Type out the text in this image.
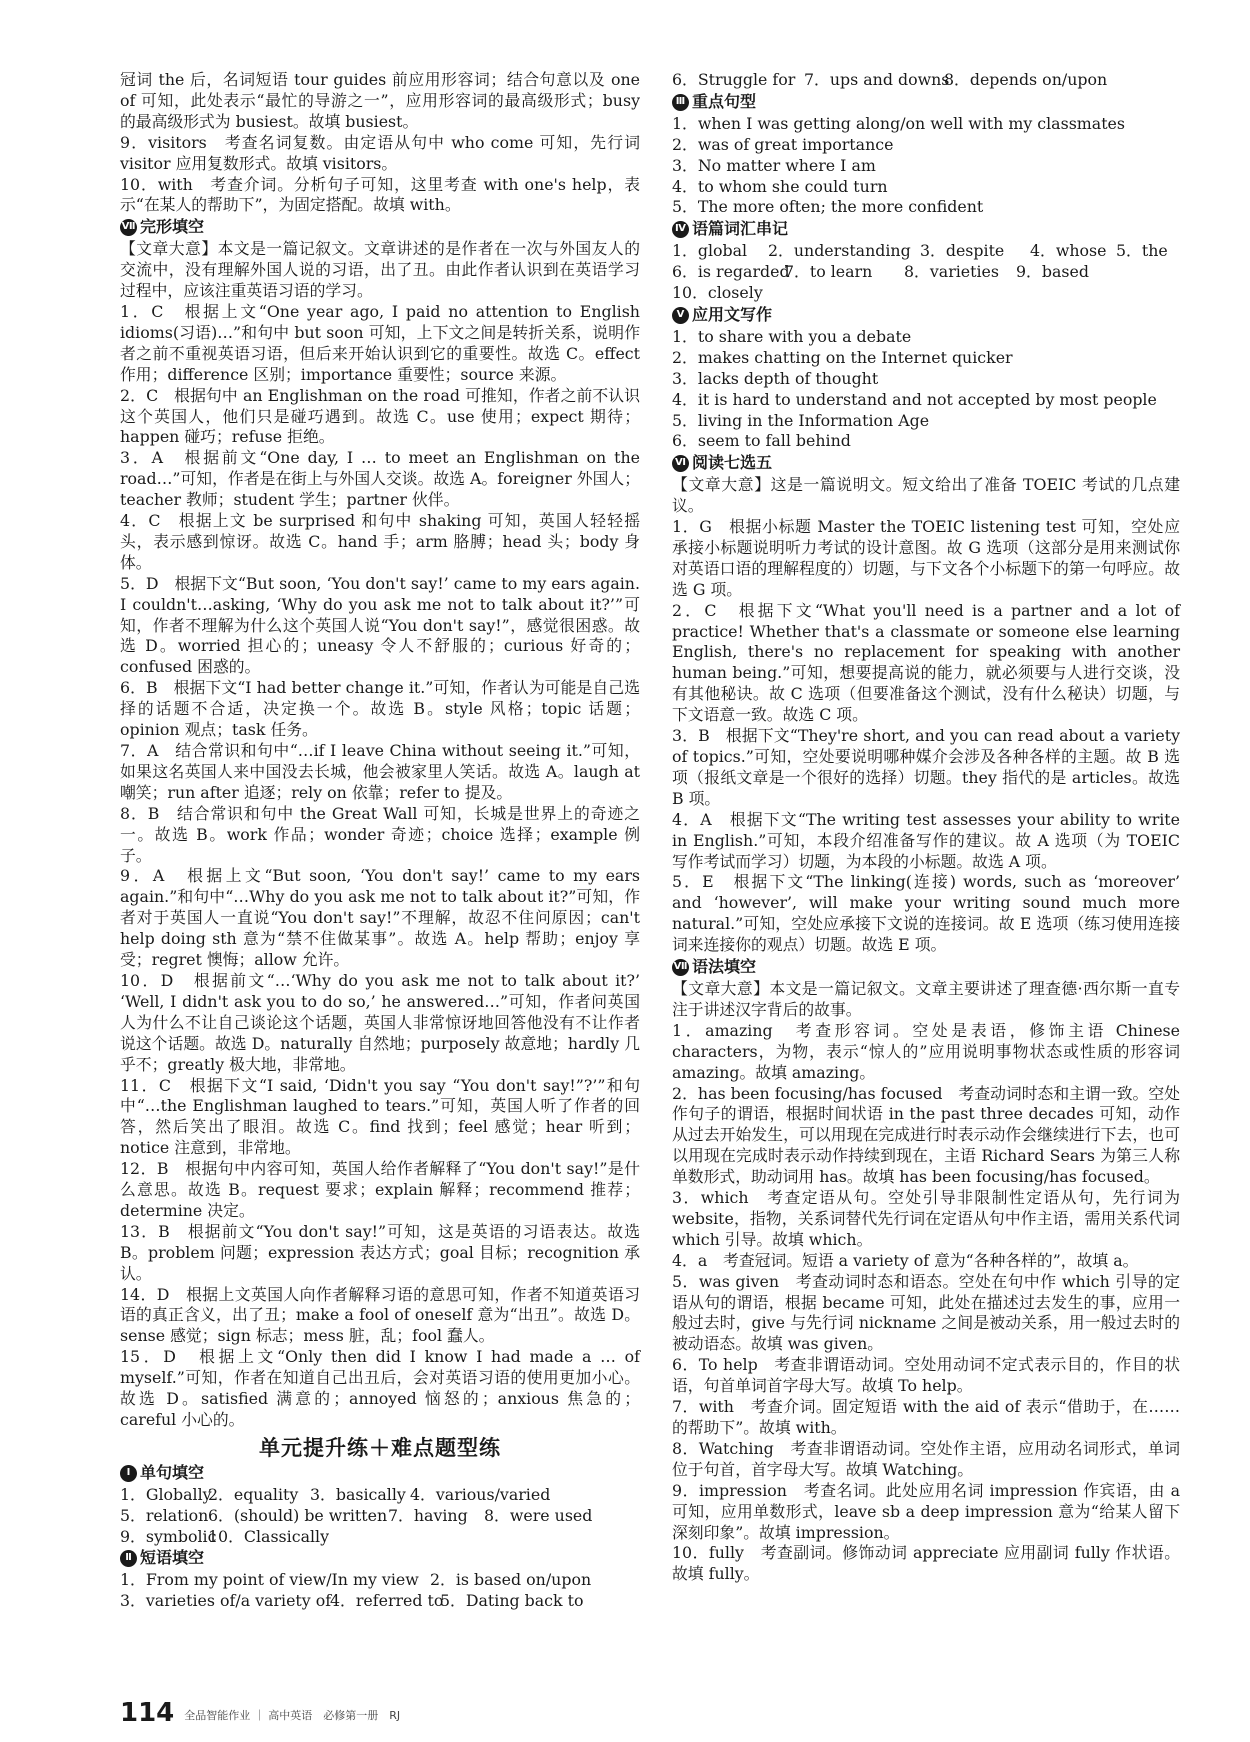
冠词 the 后，名词短语 tour guides 前应用形容词；结合句意以及 one of 可知，此处表示“最忙的导游之一”，应用形容词的最高级形式；busy 的最高级形式为 busiest。故填 busiest。

9．visitors　考查名词复数。由定语从句中 who come 可知，先行词 visitor 应用复数形式。故填 visitors。

10．with　考查介词。分析句子可知，这里考查 with one's help，表示“在某人的帮助下”，为固定搭配。故填 with。

Ⅶ 完形填空

【文章大意】本文是一篇记叙文。文章讲述的是作者在一次与外国友人的交流中，没有理解外国人说的习语，出了丑。由此作者认识到在英语学习过程中，应该注重英语习语的学习。

1．C　根据上文“One year ago, I paid no attention to English idioms(习语)…”和句中 but soon 可知，上下文之间是转折关系，说明作者之前不重视英语习语，但后来开始认识到它的重要性。故选 C。effect 作用；difference 区别；importance 重要性；source 来源。

2．C　根据句中 an Englishman on the road 可推知，作者之前不认识这个英国人，他们只是碰巧遇到。故选 C。use 使用；expect 期待；happen 碰巧；refuse 拒绝。

3．A　根据前文“One day, I … to meet an Englishman on the road…”可知，作者是在街上与外国人交谈。故选 A。foreigner 外国人；teacher 教师；student 学生；partner 伙伴。

4．C　根据上文 be surprised 和句中 shaking 可知，英国人轻轻摇头，表示感到惊讶。故选 C。hand 手；arm 胳膊；head 头；body 身体。

5．D　根据下文“But soon, ‘You don't say!’ came to my ears again. I couldn't…asking, ‘Why do you ask me not to talk about it?’”可知，作者不理解为什么这个英国人说“You don't say!”，感觉很困惑。故选 D。worried 担心的；uneasy 令人不舒服的；curious 好奇的；confused 困惑的。

6．B　根据下文“I had better change it.”可知，作者认为可能是自己选择的话题不合适，决定换一个。故选 B。style 风格；topic 话题；opinion 观点；task 任务。

7．A　结合常识和句中“…if I leave China without seeing it.”可知，如果这名英国人来中国没去长城，他会被家里人笑话。故选 A。laugh at 嘲笑；run after 追逐；rely on 依靠；refer to 提及。

8．B　结合常识和句中 the Great Wall 可知，长城是世界上的奇迹之一。故选 B。work 作品；wonder 奇迹；choice 选择；example 例子。

9．A　根据上文“But soon, ‘You don't say!’ came to my ears again.”和句中“…Why do you ask me not to talk about it?”可知，作者对于英国人一直说“You don't say!”不理解，故忍不住问原因；can't help doing sth 意为“禁不住做某事”。故选 A。help 帮助；enjoy 享受；regret 懊悔；allow 允许。

10．D　根据前文“…‘Why do you ask me not to talk about it?’ ‘Well, I didn't ask you to do so,’ he answered…”可知，作者问英国人为什么不让自己谈论这个话题，英国人非常惊讶地回答他没有不让作者说这个话题。故选 D。naturally 自然地；purposely 故意地；hardly 几乎不；greatly 极大地，非常地。

11．C　根据下文“I said, ‘Didn't you say “You don't say!”?’”和句中“…the Englishman laughed to tears.”可知，英国人听了作者的回答，然后笑出了眼泪。故选 C。find 找到；feel 感觉；hear 听到；notice 注意到，非常地。

12．B　根据句中内容可知，英国人给作者解释了“You don't say!”是什么意思。故选 B。request 要求；explain 解释；recommend 推荐；determine 决定。

13．B　根据前文“You don't say!”可知，这是英语的习语表达。故选 B。problem 问题；expression 表达方式；goal 目标；recognition 承认。

14．D　根据上文英国人向作者解释习语的意思可知，作者不知道英语习语的真正含义，出了丑；make a fool of oneself 意为“出丑”。故选 D。sense 感觉；sign 标志；mess 脏，乱；fool 蠢人。

15．D　根据上文“Only then did I know I had made a … of myself.”可知，作者在知道自己出丑后，会对英语习语的使用更加小心。故选 D。satisfied 满意的；annoyed 恼怒的；anxious 焦急的；careful 小心的。

单元提升练＋难点题型练
Ⅰ 单句填空
1．Globally
2．equality 3．basically 4．various/varied
5．relation 6．(should) be written 7．having	8．were used
9．symbolic
10．Classically
Ⅱ 短语填空
1．From my point of view/In my view 2．is based on/upon
3．varieties of/a variety of
4．referred to
5．Dating back to
6．Struggle for 7．ups and downs
8．depends on/upon
Ⅲ 重点句型

1．when I was getting along/on well with my classmates

2．was of great importance

3．No matter where I am

4．to whom she could turn

5．The more often; the more confident

Ⅳ 语篇词汇串记
1．global	2．understanding 3．despite	4．whose 5．the
6．is regarded
7．to learn	8．varieties	9．based
10．closely
Ⅴ 应用文写作

1．to share with you a debate

2．makes chatting on the Internet quicker

3．lacks depth of thought

4．it is hard to understand and not accepted by most people

5．living in the Information Age

6．seem to fall behind

Ⅵ 阅读七选五

【文章大意】这是一篇说明文。短文给出了准备 TOEIC 考试的几点建议。

1．G　根据小标题 Master the TOEIC listening test 可知，空处应承接小标题说明听力考试的设计意图。故 G 选项（这部分是用来测试你对英语口语的理解程度的）切题，与下文各个小标题下的第一句呼应。故选 G 项。

2．C　根据下文“What you'll need is a partner and a lot of practice! Whether that's a classmate or someone else learning English, there's no replacement for speaking with another human being.”可知，想要提高说的能力，就必须要与人进行交谈，没有其他秘诀。故 C 选项（但要准备这个测试，没有什么秘诀）切题，与下文语意一致。故选 C 项。

3．B　根据下文“They're short, and you can read about a variety of topics.”可知，空处要说明哪种媒介会涉及各种各样的主题。故 B 选项（报纸文章是一个很好的选择）切题。they 指代的是 articles。故选 B 项。

4．A　根据下文“The writing test assesses your ability to write in English.”可知，本段介绍准备写作的建议。故 A 选项（为 TOEIC 写作考试而学习）切题，为本段的小标题。故选 A 项。

5．E　根据下文“The linking(连接) words, such as ‘moreover’ and ‘however’, will make your writing sound much more natural.”可知，空处应承接下文说的连接词。故 E 选项（练习使用连接词来连接你的观点）切题。故选 E 项。

Ⅶ 语法填空

【文章大意】本文是一篇记叙文。文章主要讲述了理查德·西尔斯一直专注于讲述汉字背后的故事。

1．amazing　考查形容词。空处是表语，修饰主语 Chinese characters，为物，表示“惊人的”应用说明事物状态或性质的形容词 amazing。故填 amazing。

2．has been focusing/has focused　考查动词时态和主谓一致。空处作句子的谓语，根据时间状语 in the past three decades 可知，动作从过去开始发生，可以用现在完成进行时表示动作会继续进行下去，也可以用现在完成时表示动作持续到现在，主语 Richard Sears 为第三人称单数形式，助动词用 has。故填 has been focusing/has focused。

3．which　考查定语从句。空处引导非限制性定语从句，先行词为 website，指物，关系词替代先行词在定语从句中作主语，需用关系代词 which 引导。故填 which。

4．a　考查冠词。短语 a variety of 意为“各种各样的”，故填 a。

5．was given　考查动词时态和语态。空处在句中作 which 引导的定语从句的谓语，根据 became 可知，此处在描述过去发生的事，应用一般过去时，give 与先行词 nickname 之间是被动关系，用一般过去时的被动语态。故填 was given。

6．To help　考查非谓语动词。空处用动词不定式表示目的，作目的状语，句首单词首字母大写。故填 To help。

7．with　考查介词。固定短语 with the aid of 表示“借助于，在……的帮助下”。故填 with。

8．Watching　考查非谓语动词。空处作主语，应用动名词形式，单词位于句首，首字母大写。故填 Watching。

9．impression　考查名词。此处应用名词 impression 作宾语，由 a 可知，应用单数形式，leave sb a deep impression 意为“给某人留下深刻印象”。故填 impression。

10．fully　考查副词。修饰动词 appreciate 应用副词 fully 作状语。故填 fully。

114 全品智能作业 ｜ 高中英语　必修第一册　RJ
